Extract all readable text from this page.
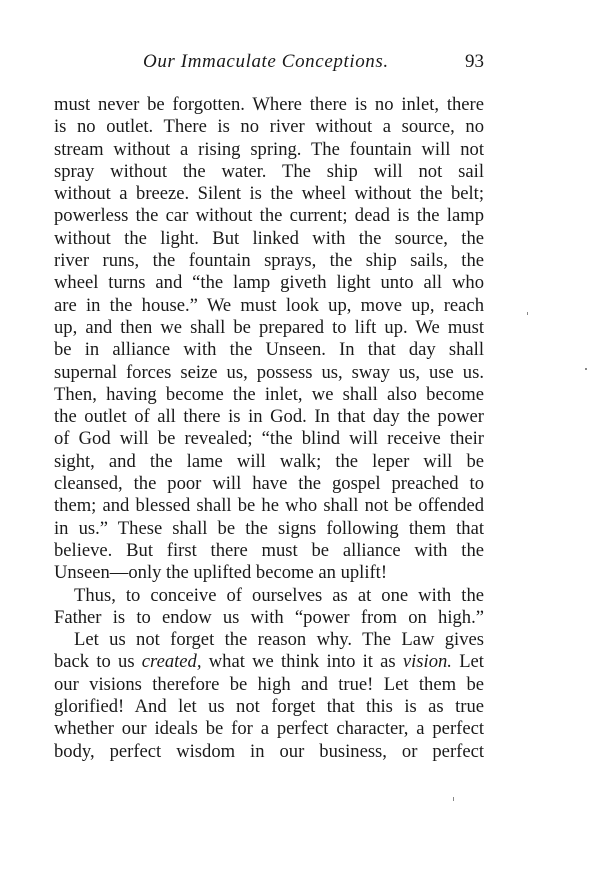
Our Immaculate Conceptions.	93
must never be forgotten. Where there is no inlet, there
is no outlet. There is no river without a source, no
stream without a rising spring. The fountain will not
spray without the water. The ship will not sail
without a breeze. Silent is the wheel without the belt;
powerless the car without the current; dead is the lamp
without the light. But linked with the source, the
river runs, the fountain sprays, the ship sails, the
wheel turns and “the lamp giveth light unto all who
are in the house.” We must look up, move up, reach
up, and then we shall be prepared to lift up. We must
be in alliance with the Unseen. In that day shall
supernal forces seize us, possess us, sway us, use us.
Then, having become the inlet, we shall also become
the outlet of all there is in God. In that day the power
of God will be revealed; “the blind will receive their
sight, and the lame will walk; the leper will be
cleansed, the poor will have the gospel preached to
them; and blessed shall be he who shall not be offended
in us.” These shall be the signs following them that
believe. But first there must be alliance with the
Unseen—only the uplifted become an uplift!
Thus, to conceive of ourselves as at one with the
Father is to endow us with “power from on high.”
Let us not forget the reason why. The Law gives
back to us created, what we think into it as vision. Let
our visions therefore be high and true! Let them be
glorified! And let us not forget that this is as true
whether our ideals be for a perfect character, a perfect
body, perfect wisdom in our business, or perfect
